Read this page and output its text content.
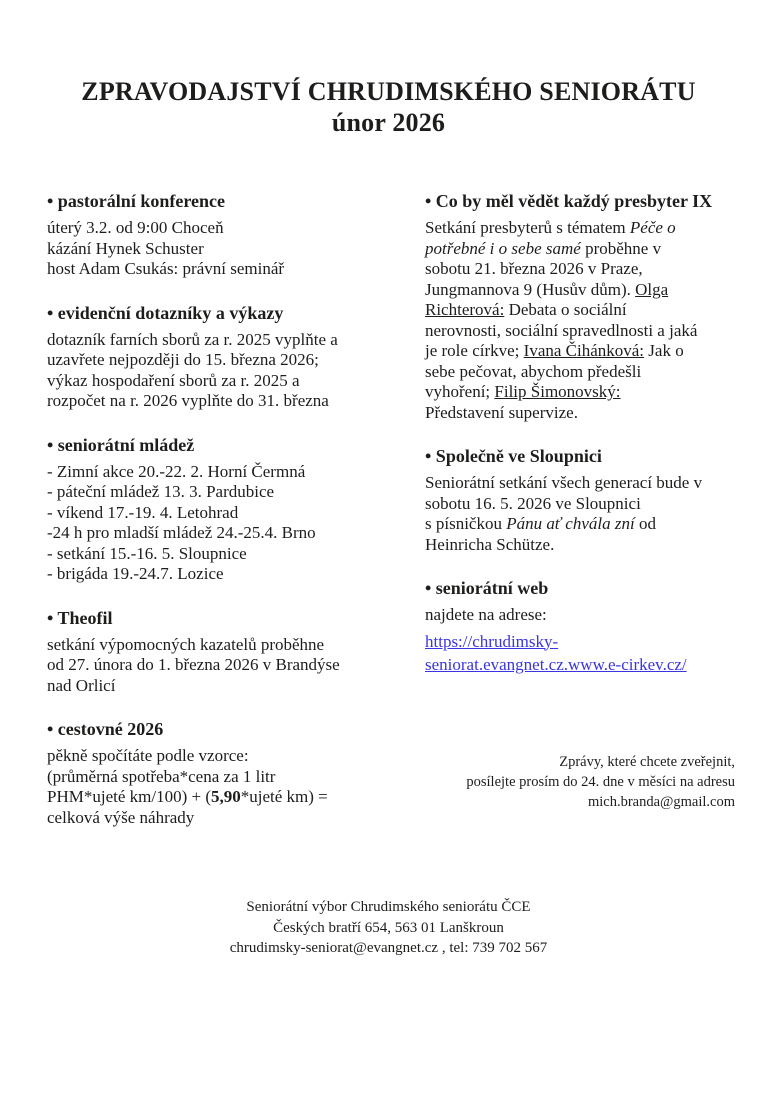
ZPRAVODAJSTVÍ CHRUDIMSKÉHO SENIORÁTU
únor 2026
• pastorální konference
úterý 3.2. od 9:00 Choceň
kázání Hynek Schuster
host Adam Csukás: právní seminář
• evidenční dotazníky a výkazy
dotazník farních sborů za r. 2025 vyplňte a
uzavřete nejpozději do 15. března 2026;
výkaz hospodaření sborů za r. 2025 a
rozpočet na r. 2026 vyplňte do 31. března
• seniorátní mládež
- Zimní akce 20.-22. 2. Horní Čermná
- páteční mládež 13. 3. Pardubice
- víkend 17.-19. 4. Letohrad
-24 h pro mladší mládež 24.-25.4. Brno
- setkání 15.-16. 5. Sloupnice
- brigáda 19.-24.7. Lozice
• Theofil
setkání výpomocných kazatelů proběhne
od 27. února do 1. března 2026 v Brandýse
nad Orlicí
• cestovné 2026
pěkně spočítáte podle vzorce:
(průměrná spotřeba*cena za 1 litr
PHM*ujeté km/100) + (5,90*ujeté km) =
celková výše náhrady
• Co by měl vědět každý presbyter IX
Setkání presbyterů s tématem Péče o
potřebné i o sebe samé proběhne v
sobotu 21. března 2026 v Praze,
Jungmannova 9 (Husův dům). Olga
Richterová: Debata o sociální
nerovnosti, sociální spravedlnosti a jaká
je role církve; Ivana Čihánková: Jak o
sebe pečovat, abychom předešli
vyhoření; Filip Šimonovský:
Představení supervize.
• Společně ve Sloupnici
Seniorátní setkání všech generací bude v
sobotu 16. 5. 2026 ve Sloupnici
s písničkou Pánu ať chvála zní od
Heinricha Schütze.
• seniorátní web
najdete na adrese:
https://chrudimsky-seniorat.evangnet.cz.www.e-cirkev.cz/
Zprávy, které chcete zveřejnit,
posílejte prosím do 24. dne v měsíci na adresu
mich.branda@gmail.com
Seniorátní výbor Chrudimského seniorátu ČCE
Českých bratří 654, 563 01 Lanškroun
chrudimsky-seniorat@evangnet.cz , tel: 739 702 567
